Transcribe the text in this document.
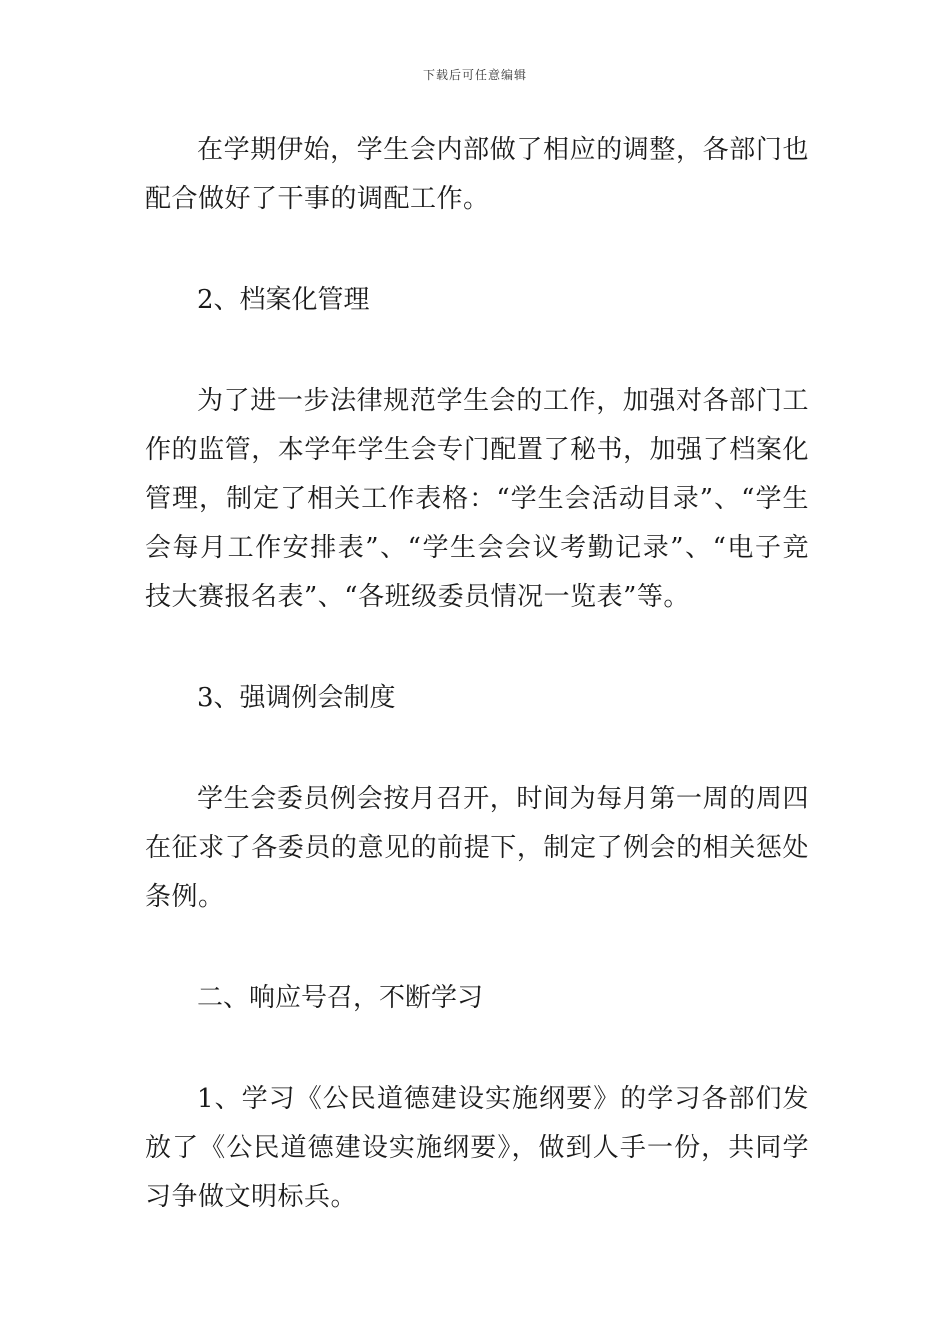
下载后可任意编辑

在学期伊始，学生会内部做了相应的调整，各部门也配合做好了干事的调配工作。

2、档案化管理

为了进一步法律规范学生会的工作，加强对各部门工作的监管，本学年学生会专门配置了秘书，加强了档案化管理，制定了相关工作表格：“学生会活动目录”、“学生会每月工作安排表”、“学生会会议考勤记录”、“电子竞技大赛报名表”、“各班级委员情况一览表”等。

3、强调例会制度

学生会委员例会按月召开，时间为每月第一周的周四在征求了各委员的意见的前提下，制定了例会的相关惩处条例。

二、响应号召，不断学习

1、学习《公民道德建设实施纲要》的学习各部们发放了《公民道德建设实施纲要》，做到人手一份，共同学习争做文明标兵。
